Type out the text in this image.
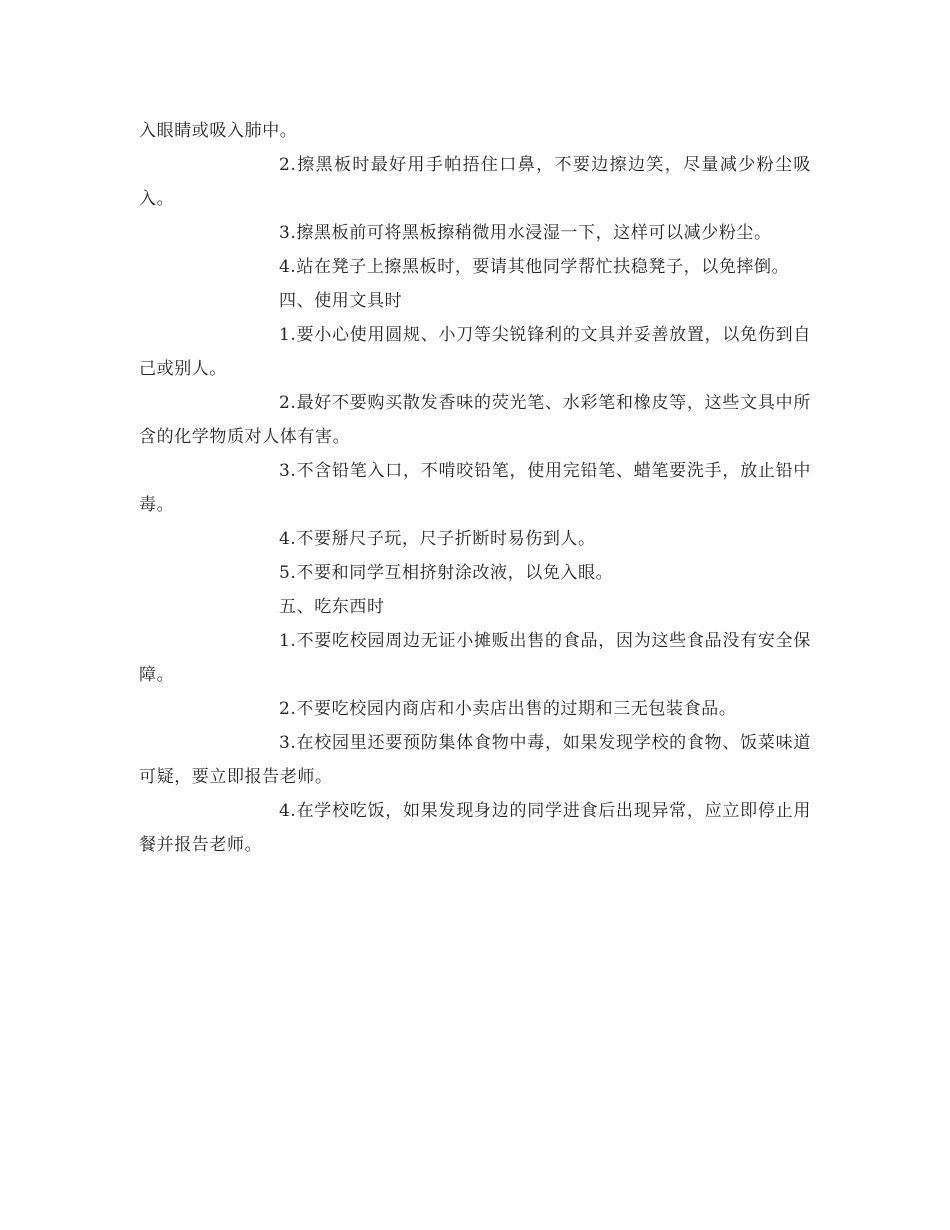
入眼睛或吸入肺中。

2.擦黑板时最好用手帕捂住口鼻，不要边擦边笑，尽量减少粉尘吸入。

3.擦黑板前可将黑板擦稍微用水浸湿一下，这样可以减少粉尘。

4.站在凳子上擦黑板时，要请其他同学帮忙扶稳凳子，以免摔倒。

四、使用文具时

1.要小心使用圆规、小刀等尖锐锋利的文具并妥善放置，以免伤到自己或别人。

2.最好不要购买散发香味的荧光笔、水彩笔和橡皮等，这些文具中所含的化学物质对人体有害。

3.不含铅笔入口，不啃咬铅笔，使用完铅笔、蜡笔要洗手，放止铅中毒。

4.不要掰尺子玩，尺子折断时易伤到人。

5.不要和同学互相挤射涂改液，以免入眼。

五、吃东西时

1.不要吃校园周边无证小摊贩出售的食品，因为这些食品没有安全保障。

2.不要吃校园内商店和小卖店出售的过期和三无包装食品。

3.在校园里还要预防集体食物中毒，如果发现学校的食物、饭菜味道可疑，要立即报告老师。

4.在学校吃饭，如果发现身边的同学进食后出现异常，应立即停止用餐并报告老师。
